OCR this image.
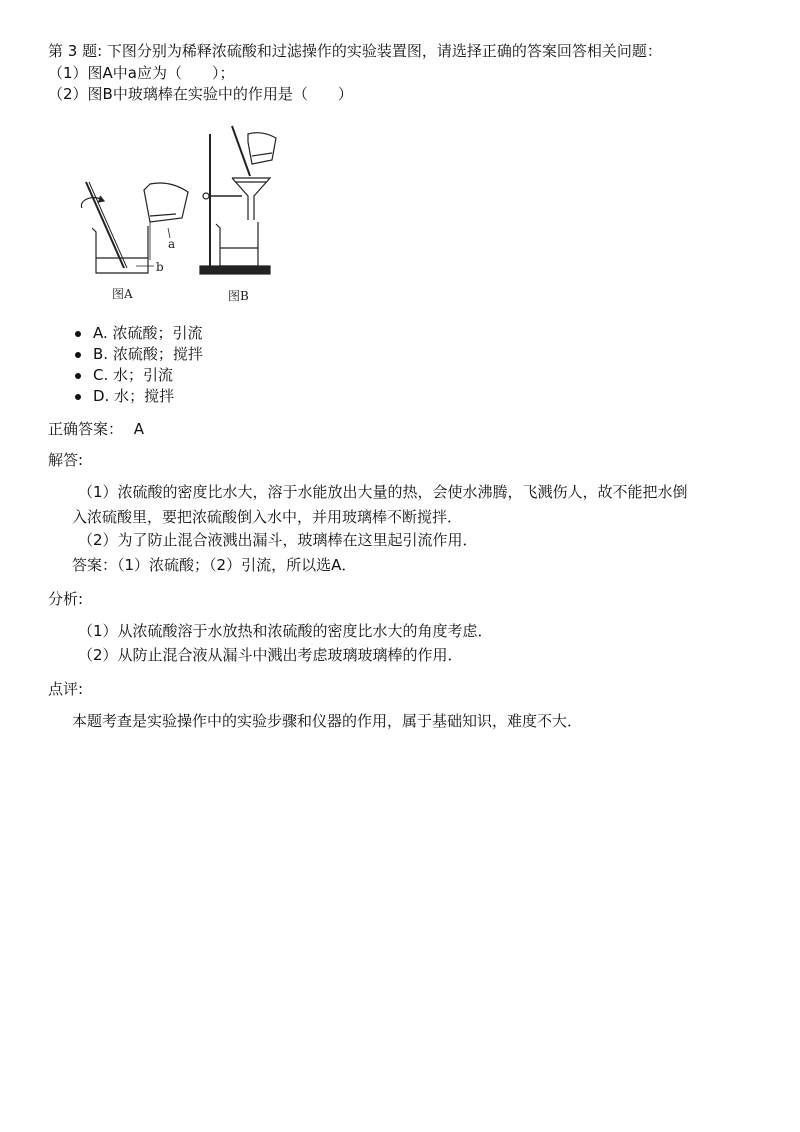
第 3 题: 下图分别为稀释浓硫酸和过滤操作的实验装置图，请选择正确的答案回答相关问题：
（1）图A中a应为（　　）；
（2）图B中玻璃棒在实验中的作用是（　　）
a
b
图A	图B
A. 浓硫酸；引流
B. 浓硫酸；搅拌
C. 水；引流
D. 水；搅拌
正确答案： A
解答:
（1）浓硫酸的密度比水大，溶于水能放出大量的热，会使水沸腾，飞溅伤人，故不能把水倒
入浓硫酸里，要把浓硫酸倒入水中，并用玻璃棒不断搅拌．
（2）为了防止混合液溅出漏斗，玻璃棒在这里起引流作用．
答案：（1）浓硫酸；（2）引流，所以选A．
分析:
（1）从浓硫酸溶于水放热和浓硫酸的密度比水大的角度考虑．
（2）从防止混合液从漏斗中溅出考虑玻璃玻璃棒的作用．
点评:
本题考查是实验操作中的实验步骤和仪器的作用，属于基础知识，难度不大．
